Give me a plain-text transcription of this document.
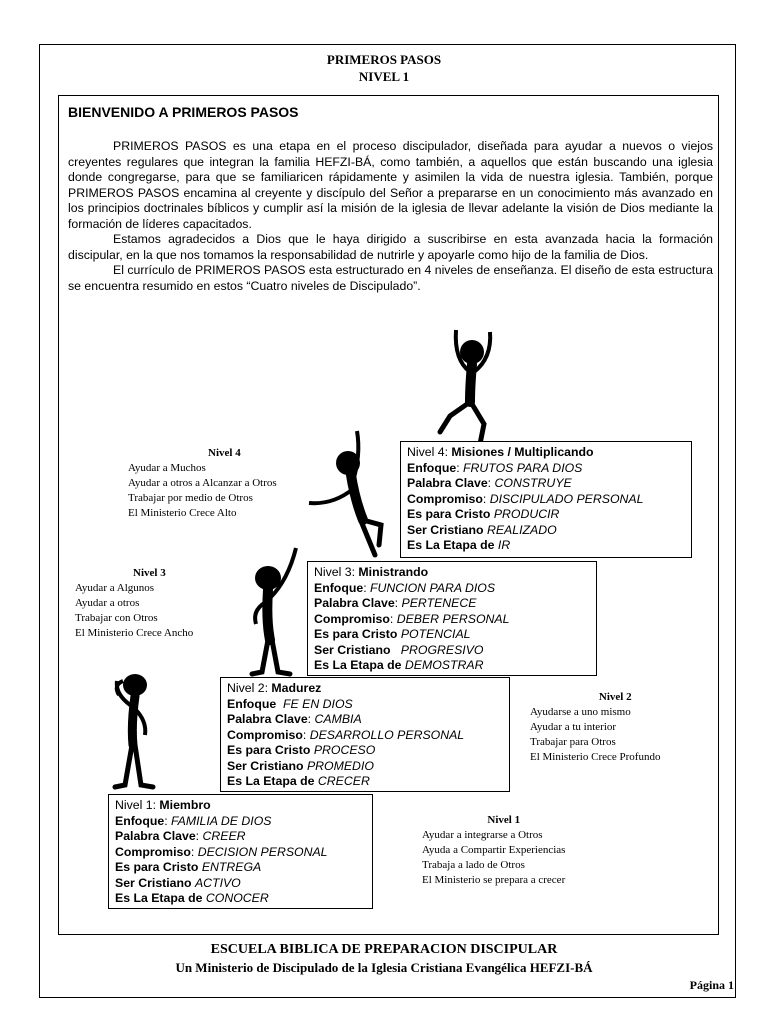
PRIMEROS PASOS
NIVEL 1
BIENVENIDO A PRIMEROS PASOS

PRIMEROS PASOS es una etapa en el proceso discipulador, diseñada para ayudar a nuevos o viejos creyentes regulares que integran la familia HEFZI-BÁ, como también, a aquellos que están buscando una iglesia donde congregarse, para que se familiaricen rápidamente y asimilen la vida de nuestra iglesia. También, porque PRIMEROS PASOS encamina al creyente y discípulo del Señor a prepararse en un conocimiento más avanzado en los principios doctrinales bíblicos y cumplir así la misión de la iglesia de llevar adelante la visión de Dios mediante la formación de líderes capacitados.

Estamos agradecidos a Dios que le haya dirigido a suscribirse en esta avanzada hacia la formación discipular, en la que nos tomamos la responsabilidad de nutrirle y apoyarle como hijo de la familia de Dios.

El currículo de PRIMEROS PASOS esta estructurado en 4 niveles de enseñanza. El diseño de esta estructura se encuentra resumido en estos “Cuatro niveles de Discipulado”.

Nivel 4: Misiones / Multiplicando
Enfoque: FRUTOS PARA DIOS
Palabra Clave: CONSTRUYE
Compromiso: DISCIPULADO PERSONAL
Es para Cristo PRODUCIR
Ser Cristiano REALIZADO
Es La Etapa de IR
Nivel 3: Ministrando
Enfoque: FUNCION PARA DIOS
Palabra Clave: PERTENECE
Compromiso: DEBER PERSONAL
Es para Cristo POTENCIAL
Ser Cristiano PROGRESIVO
Es La Etapa de DEMOSTRAR
Nivel 2: Madurez
Enfoque FE EN DIOS
Palabra Clave: CAMBIA
Compromiso: DESARROLLO PERSONAL
Es para Cristo PROCESO
Ser Cristiano PROMEDIO
Es La Etapa de CRECER
Nivel 1: Miembro
Enfoque: FAMILIA DE DIOS
Palabra Clave: CREER
Compromiso: DECISION PERSONAL
Es para Cristo ENTREGA
Ser Cristiano ACTIVO
Es La Etapa de CONOCER
Nivel 1
Ayudar a integrarse a Otros
Ayuda a Compartir Experiencias
Trabaja a lado de Otros
El Ministerio se prepara a crecer
Nivel 2
Ayudarse a uno mismo
Ayudar a tu interior
Trabajar para Otros
El Ministerio Crece Profundo
Nivel 3
Ayudar a Algunos
Ayudar a otros
Trabajar con Otros
El Ministerio Crece Ancho
Nivel 4
Ayudar a Muchos
Ayudar a otros a Alcanzar a Otros
Trabajar por medio de Otros
El Ministerio Crece Alto
ESCUELA BIBLICA DE PREPARACION DISCIPULAR
Un Ministerio de Discipulado de la Iglesia Cristiana Evangélica HEFZI-BÁ
Página 1
